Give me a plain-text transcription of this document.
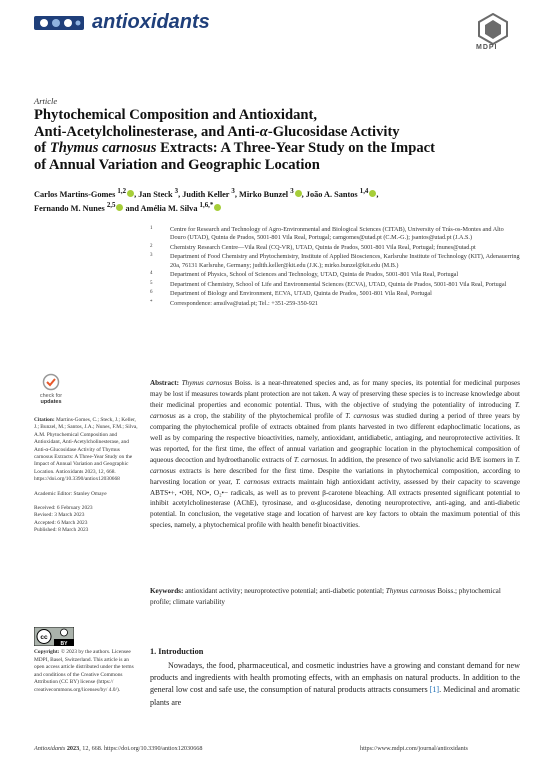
antioxidants
MDPI
Article
Phytochemical Composition and Antioxidant,
Anti-Acetylcholinesterase, and Anti-α-Glucosidase Activity
of Thymus carnosus Extracts: A Three-Year Study on the Impact
of Annual Variation and Geographic Location
Carlos Martins-Gomes $^{1,2}$ , Jan Steck $^3$, Judith Keller $^3$, Mirko Bunzel $^3$ , João A. Santos $^{1,4}$ ,
Fernando M. Nunes $^{2,5}$ and Amélia M. Silva $^{1,6,*}$
1	Centre for Research and Technology of Agro-Environmental and Biological Sciences (CITAB), University of Trás-os-Montes and Alto Douro (UTAD), Quinta de Prados, 5001-801 Vila Real, Portugal; camgomes@utad.pt (C.M.-G.); jsantos@utad.pt (J.A.S.)
2	Chemistry Research Centre—Vila Real (CQ-VR), UTAD, Quinta de Prados, 5001-801 Vila Real, Portugal; fnunes@utad.pt
3	Department of Food Chemistry and Phytochemistry, Institute of Applied Biosciences, Karlsruhe Institute of Technology (KIT), Adenauerring 20a, 76131 Karlsruhe, Germany; judith.keller@kit.edu (J.K.); mirko.bunzel@kit.edu (M.B.)
4	Department of Physics, School of Sciences and Technology, UTAD, Quinta de Prados, 5001-801 Vila Real, Portugal
5	Department of Chemistry, School of Life and Environmental Sciences (ECVA), UTAD, Quinta de Prados, 5001-801 Vila Real, Portugal
6	Department of Biology and Environment, ECVA, UTAD, Quinta de Prados, 5001-801 Vila Real, Portugal
*	Correspondence: amsilva@utad.pt; Tel.: +351-259-350-921
check for
updates
Citation: Martins-Gomes, C.; Steck, J.; Keller, J.; Bunzel, M.; Santos, J.A.; Nunes, F.M.; Silva, A.M. Phytochemical Composition and Antioxidant, Anti-Acetylcholinesterase, and Anti-α-Glucosidase Activity of Thymus carnosus Extracts: A Three-Year Study on the Impact of Annual Variation and Geographic Location. Antioxidants 2023, 12, 668. https://doi.org/10.3390/antiox12030668
Academic Editor: Stanley Omaye
Received: 6 February 2023
Revised: 3 March 2023
Accepted: 6 March 2023
Published: 8 March 2023
cc
BY
Copyright: © 2023 by the authors. Licensee MDPI, Basel, Switzerland. This article is an open access article distributed under the terms and conditions of the Creative Commons Attribution (CC BY) license (https:// creativecommons.org/licenses/by/ 4.0/).
Abstract: Thymus carnosus Boiss. is a near-threatened species and, as for many species, its potential for medicinal purposes may be lost if measures towards plant protection are not taken. A way of preserving these species is to increase knowledge about their medicinal properties and economic potential. Thus, with the objective of studying the potentiality of introducing T. carnosus as a crop, the stability of the phytochemical profile of T. carnosus was studied during a period of three years by comparing the phytochemical profile of extracts obtained from plants harvested in two different edaphoclimatic locations, as well as by comparing the respective bioactivities, namely, antioxidant, antidiabetic, antiaging, and neuroprotective activities. It was reported, for the first time, the effect of annual variation and geographic location in the phytochemical composition of aqueous decoction and hydroethanolic extracts of T. carnosus. In addition, the presence of two salvianolic acid B/E isomers in T. carnosus extracts is here described for the first time. Despite the variations in phytochemical composition, according to harvesting location or year, T. carnosus extracts maintain high antioxidant activity, assessed by their capacity to scavenge ABTS•+, •OH, NO•, O₂•− radicals, as well as to prevent β-carotene bleaching. All extracts presented significant potential to inhibit acetylcholinesterase (AChE), tyrosinase, and α-glucosidase, denoting neuroprotective, anti-aging, and anti-diabetic potential. In conclusion, the vegetative stage and location of harvest are key factors to obtain the maximum potential of this species, namely, a phytochemical profile with health benefit bioactivities.
Keywords: antioxidant activity; neuroprotective potential; anti-diabetic potential; Thymus carnosus Boiss.; phytochemical profile; climate variability
1. Introduction
Nowadays, the food, pharmaceutical, and cosmetic industries have a growing and constant demand for new products and ingredients with health promoting effects, with an emphasis on natural products. In addition to the general low cost and safe use, the consumption of natural products attracts consumers [1]. Medicinal and aromatic plants are
Antioxidants 2023, 12, 668. https://doi.org/10.3390/antiox12030668	https://www.mdpi.com/journal/antioxidants
